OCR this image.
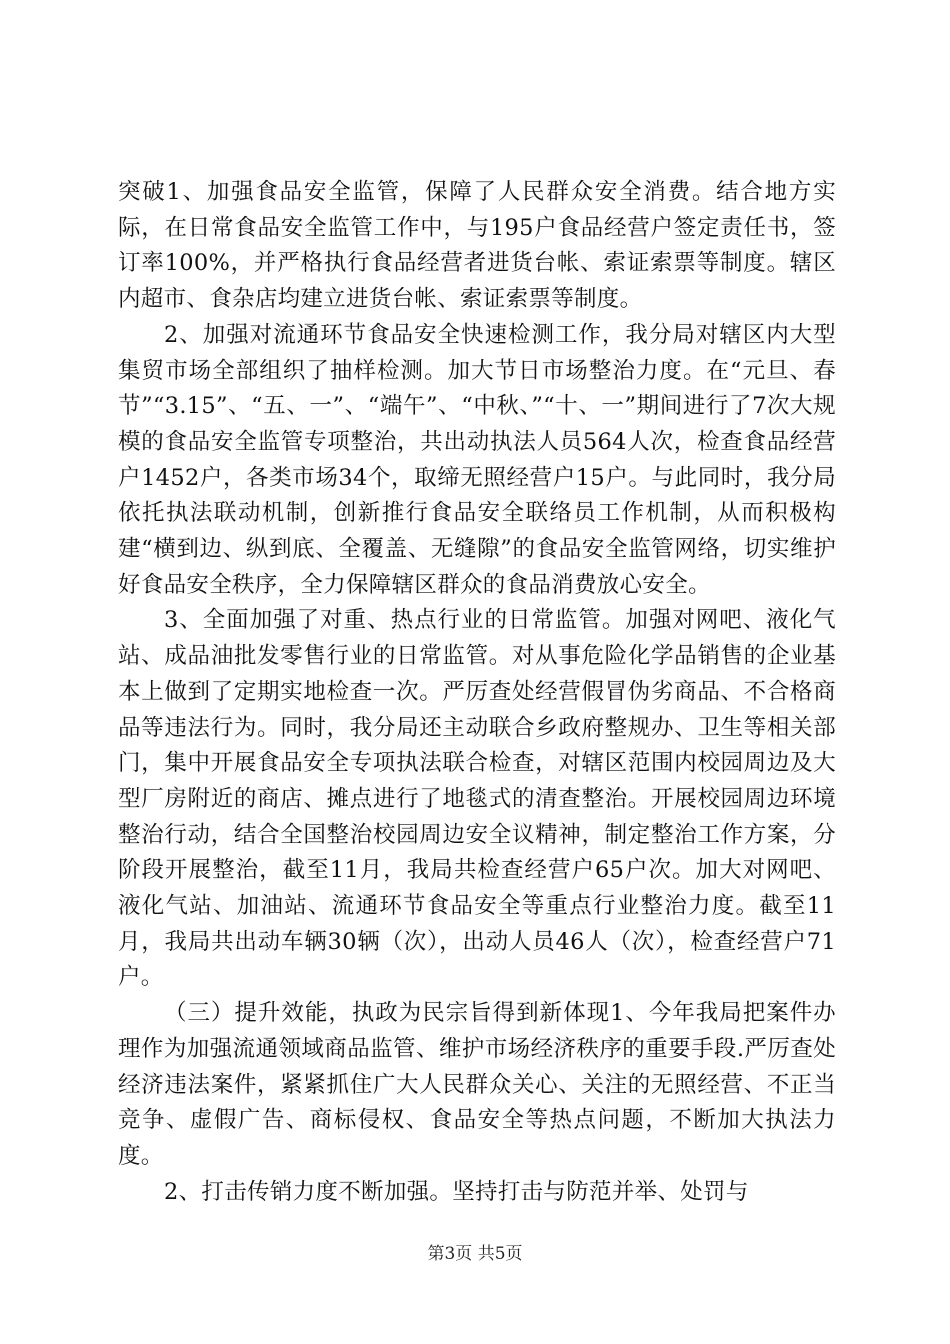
突破1、加强食品安全监管，保障了人民群众安全消费。结合地方实际，在日常食品安全监管工作中，与195户食品经营户签定责任书，签订率100%，并严格执行食品经营者进货台帐、索证索票等制度。辖区内超市、食杂店均建立进货台帐、索证索票等制度。

2、加强对流通环节食品安全快速检测工作，我分局对辖区内大型集贸市场全部组织了抽样检测。加大节日市场整治力度。在“元旦、春节”“3.15”、“五、一”、“端午”、“中秋、”“十、一”期间进行了7次大规模的食品安全监管专项整治，共出动执法人员564人次，检查食品经营户1452户，各类市场34个，取缔无照经营户15户。与此同时，我分局依托执法联动机制，创新推行食品安全联络员工作机制，从而积极构建“横到边、纵到底、全覆盖、无缝隙”的食品安全监管网络，切实维护好食品安全秩序，全力保障辖区群众的食品消费放心安全。

3、全面加强了对重、热点行业的日常监管。加强对网吧、液化气站、成品油批发零售行业的日常监管。对从事危险化学品销售的企业基本上做到了定期实地检查一次。严厉查处经营假冒伪劣商品、不合格商品等违法行为。同时，我分局还主动联合乡政府整规办、卫生等相关部门，集中开展食品安全专项执法联合检查，对辖区范围内校园周边及大型厂房附近的商店、摊点进行了地毯式的清查整治。开展校园周边环境整治行动，结合全国整治校园周边安全议精神，制定整治工作方案，分阶段开展整治，截至11月，我局共检查经营户65户次。加大对网吧、液化气站、加油站、流通环节食品安全等重点行业整治力度。截至11月，我局共出动车辆30辆（次），出动人员46人（次），检查经营户71户。

（三）提升效能，执政为民宗旨得到新体现1、今年我局把案件办理作为加强流通领域商品监管、维护市场经济秩序的重要手段.严厉查处经济违法案件，紧紧抓住广大人民群众关心、关注的无照经营、不正当竞争、虚假广告、商标侵权、食品安全等热点问题，不断加大执法力度。

2、打击传销力度不断加强。坚持打击与防范并举、处罚与

第3页 共5页
